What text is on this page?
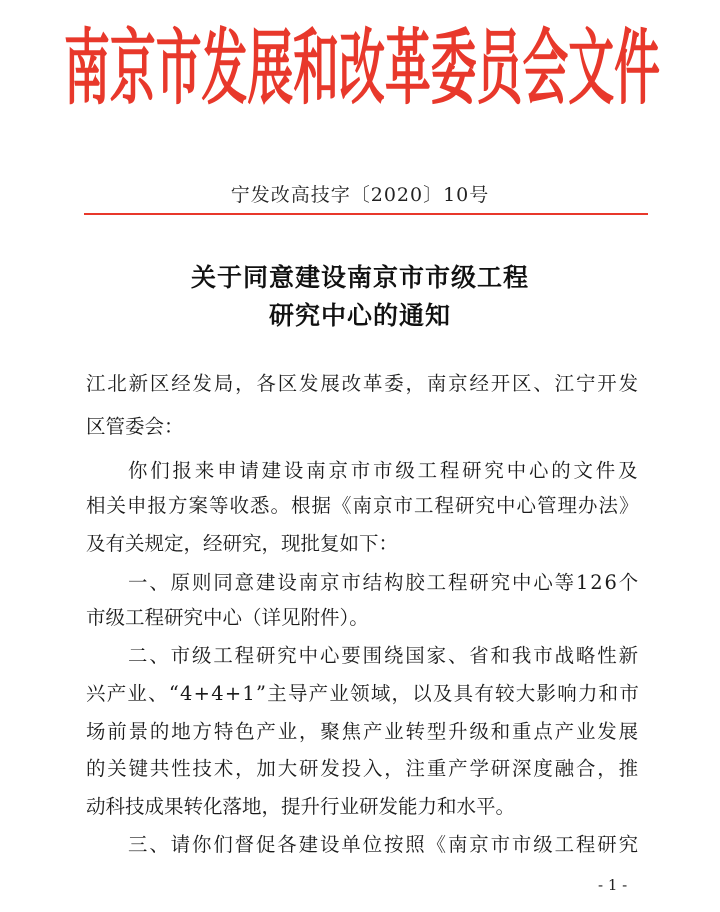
南京市发展和改革委员会文件
宁发改高技字〔2020〕10号
关于同意建设南京市市级工程
研究中心的通知
江北新区经发局，各区发展改革委，南京经开区、江宁开发
区管委会：
你们报来申请建设南京市市级工程研究中心的文件及
相关申报方案等收悉。根据《南京市工程研究中心管理办法》
及有关规定，经研究，现批复如下：
一、原则同意建设南京市结构胶工程研究中心等126个
市级工程研究中心（详见附件）。
二、市级工程研究中心要围绕国家、省和我市战略性新
兴产业、“4+4+1”主导产业领域，以及具有较大影响力和市
场前景的地方特色产业，聚焦产业转型升级和重点产业发展
的关键共性技术，加大研发投入，注重产学研深度融合，推
动科技成果转化落地，提升行业研发能力和水平。
三、请你们督促各建设单位按照《南京市市级工程研究
- 1 -
